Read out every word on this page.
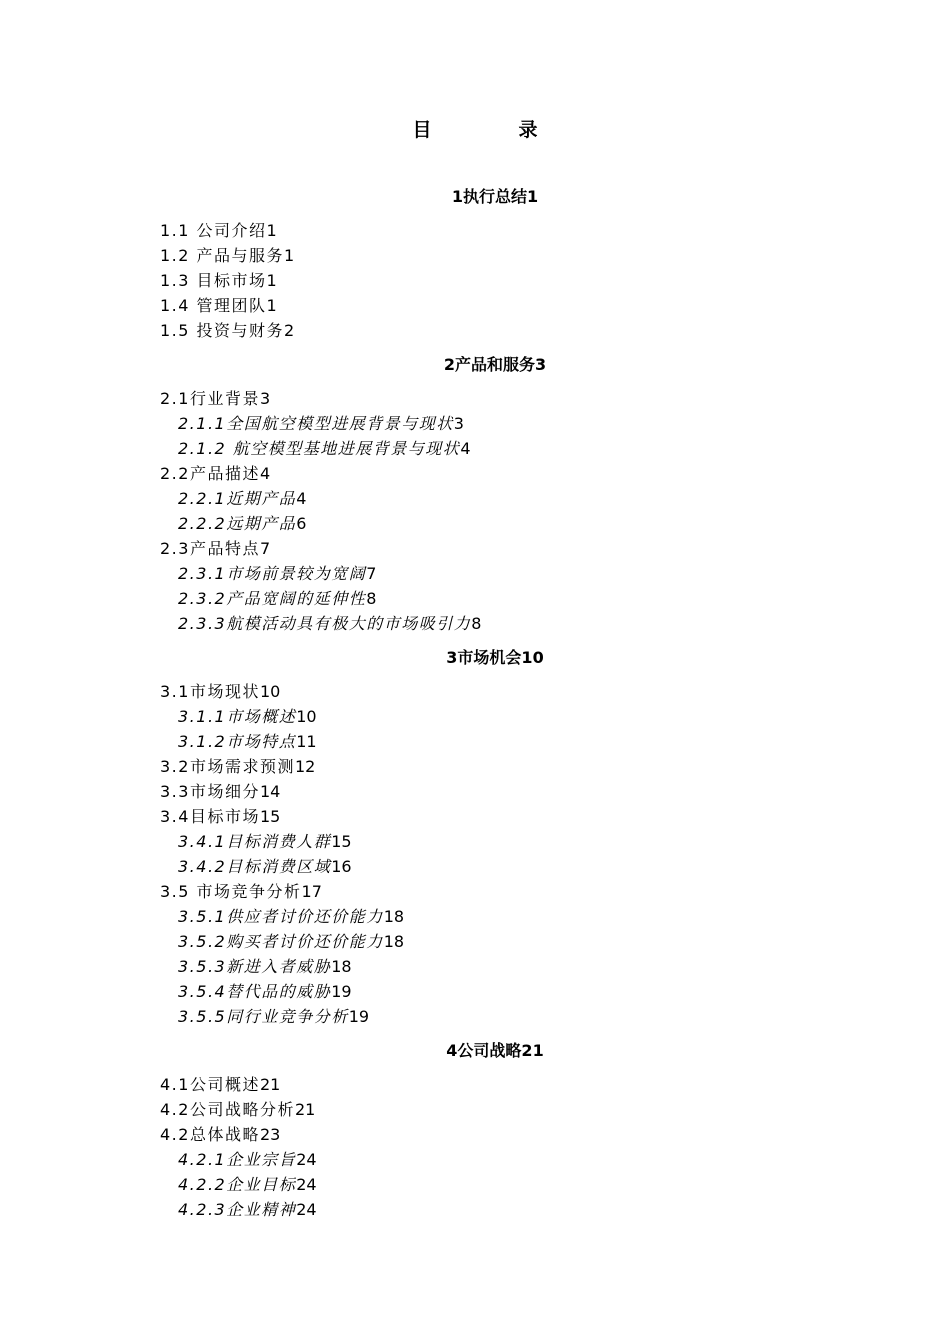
目　录
1执行总结1
1.1 公司介绍1
1.2 产品与服务1
1.3 目标市场1
1.4 管理团队1
1.5 投资与财务2
2产品和服务3
2.1行业背景3
2.1.1全国航空模型进展背景与现状3
2.1.2 航空模型基地进展背景与现状4
2.2产品描述4
2.2.1近期产品4
2.2.2远期产品6
2.3产品特点7
2.3.1市场前景较为宽阔7
2.3.2产品宽阔的延伸性8
2.3.3航模活动具有极大的市场吸引力8
3市场机会10
3.1市场现状10
3.1.1市场概述10
3.1.2市场特点11
3.2市场需求预测12
3.3市场细分14
3.4目标市场15
3.4.1目标消费人群15
3.4.2目标消费区域16
3.5 市场竞争分析17
3.5.1供应者讨价还价能力18
3.5.2购买者讨价还价能力18
3.5.3新进入者威胁18
3.5.4替代品的威胁19
3.5.5同行业竞争分析19
4公司战略21
4.1公司概述21
4.2公司战略分析21
4.2总体战略23
4.2.1企业宗旨24
4.2.2企业目标24
4.2.3企业精神24
